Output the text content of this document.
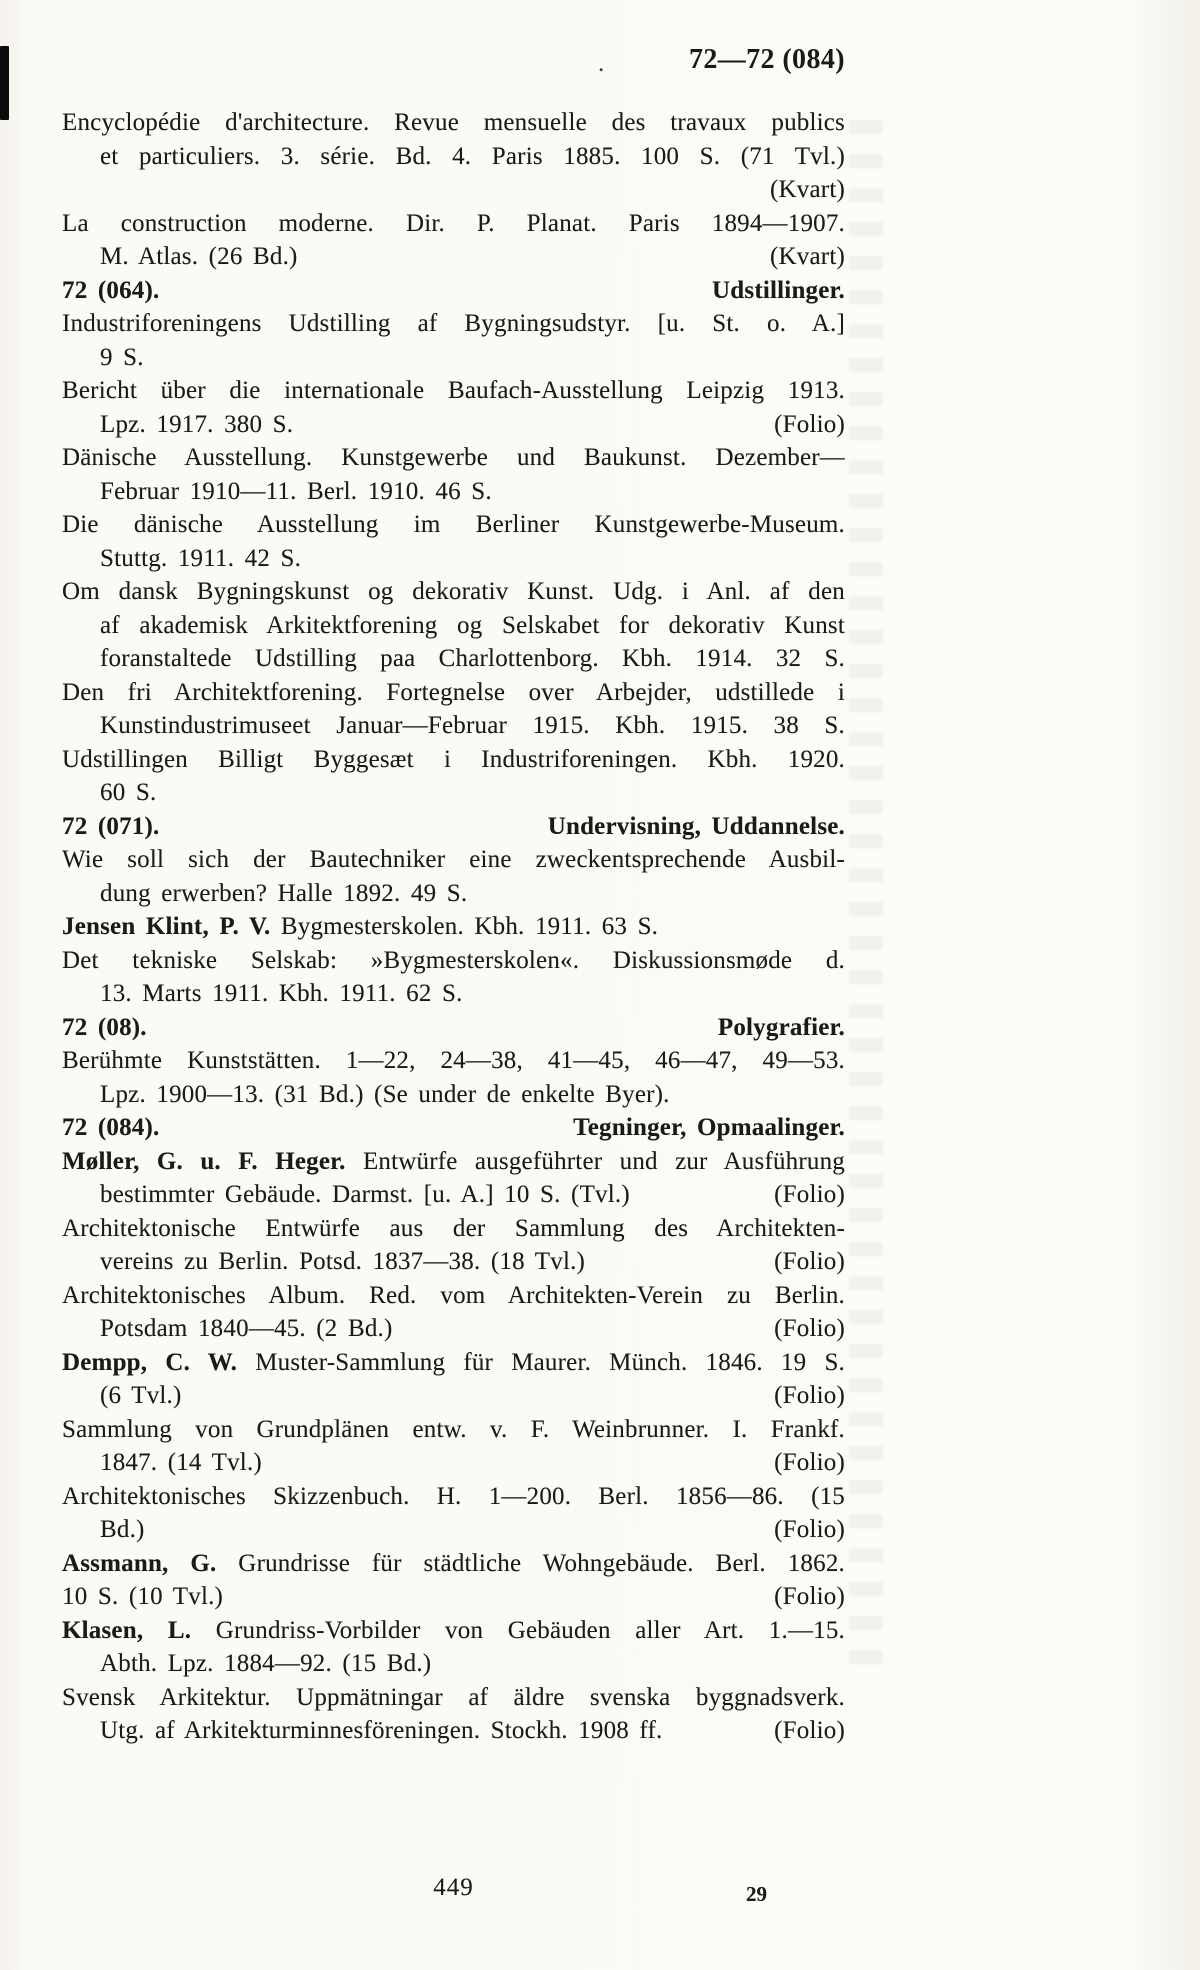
.	72—72 (084)
Encyclopédie d'architecture. Revue mensuelle des travaux publics
et particuliers. 3. série. Bd. 4. Paris 1885. 100 S. (71 Tvl.)
(Kvart)
La construction moderne. Dir. P. Planat. Paris 1894—1907.
M. Atlas. (26 Bd.)	(Kvart)
72 (064).	Udstillinger.
Industriforeningens Udstilling af Bygningsudstyr. [u. St. o. A.]
9 S.
Bericht über die internationale Baufach-Ausstellung Leipzig 1913.
Lpz. 1917. 380 S.	(Folio)
Dänische Ausstellung. Kunstgewerbe und Baukunst. Dezember—
Februar 1910—11. Berl. 1910. 46 S.
Die dänische Ausstellung im Berliner Kunstgewerbe-Museum.
Stuttg. 1911. 42 S.
Om dansk Bygningskunst og dekorativ Kunst. Udg. i Anl. af den
af akademisk Arkitektforening og Selskabet for dekorativ Kunst
foranstaltede Udstilling paa Charlottenborg. Kbh. 1914. 32 S.
Den fri Architektforening. Fortegnelse over Arbejder, udstillede i
Kunstindustrimuseet Januar—Februar 1915. Kbh. 1915. 38 S.
Udstillingen Billigt Byggesæt i Industriforeningen. Kbh. 1920.
60 S.
72 (071).	Undervisning, Uddannelse.
Wie soll sich der Bautechniker eine zweckentsprechende Ausbil-
dung erwerben? Halle 1892. 49 S.
Jensen Klint, P. V. Bygmesterskolen. Kbh. 1911. 63 S.
Det tekniske Selskab: »Bygmesterskolen«. Diskussionsmøde d.
13. Marts 1911. Kbh. 1911. 62 S.
72 (08).	Polygrafier.
Berühmte Kunststätten. 1—22, 24—38, 41—45, 46—47, 49—53.
Lpz. 1900—13. (31 Bd.) (Se under de enkelte Byer).
72 (084).	Tegninger, Opmaalinger.
Møller, G. u. F. Heger. Entwürfe ausgeführter und zur Ausführung
bestimmter Gebäude. Darmst. [u. A.] 10 S. (Tvl.)	(Folio)
Architektonische Entwürfe aus der Sammlung des Architekten-
vereins zu Berlin. Potsd. 1837—38. (18 Tvl.)	(Folio)
Architektonisches Album. Red. vom Architekten-Verein zu Berlin.
Potsdam 1840—45. (2 Bd.)	(Folio)
Dempp, C. W. Muster-Sammlung für Maurer. Münch. 1846. 19 S.
(6 Tvl.)	(Folio)
Sammlung von Grundplänen entw. v. F. Weinbrunner. I. Frankf.
1847. (14 Tvl.)	(Folio)
Architektonisches Skizzenbuch. H. 1—200. Berl. 1856—86. (15
Bd.)	(Folio)
Assmann, G. Grundrisse für städtliche Wohngebäude. Berl. 1862.
10 S. (10 Tvl.)	(Folio)
Klasen, L. Grundriss-Vorbilder von Gebäuden aller Art. 1.—15.
Abth. Lpz. 1884—92. (15 Bd.)
Svensk Arkitektur. Uppmätningar af äldre svenska byggnadsverk.
Utg. af Arkitekturminnesföreningen. Stockh. 1908 ff.	(Folio)
449	29
